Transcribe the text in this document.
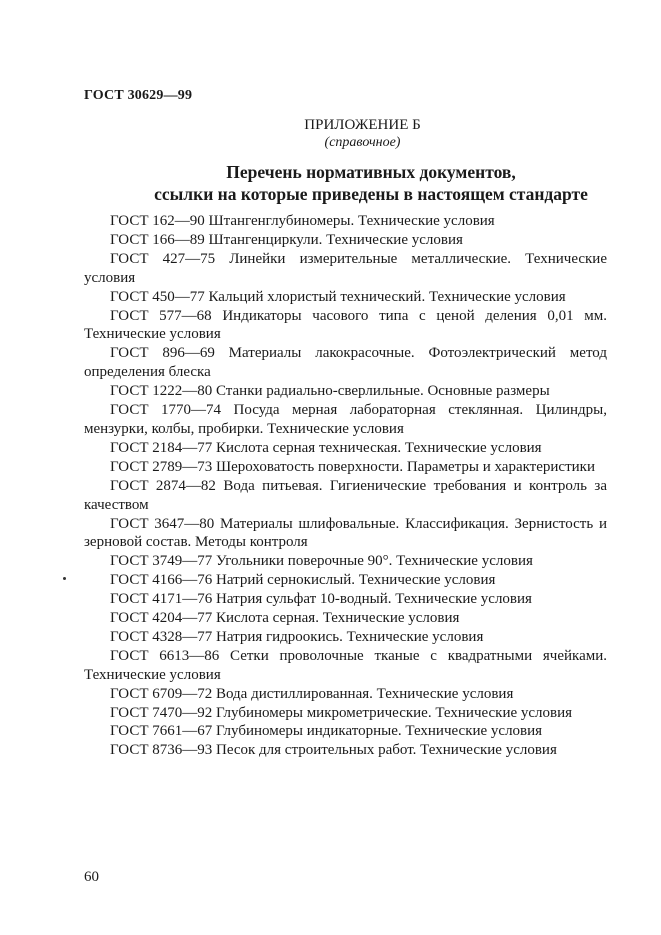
ГОСТ 30629—99
ПРИЛОЖЕНИЕ Б
(справочное)
Перечень нормативных документов,
ссылки на которые приведены в настоящем стандарте
ГОСТ 162—90 Штангенглубиномеры. Технические условия
ГОСТ 166—89 Штангенциркули. Технические условия
ГОСТ 427—75 Линейки измерительные металлические. Технические условия
ГОСТ 450—77 Кальций хлористый технический. Технические условия
ГОСТ 577—68 Индикаторы часового типа с ценой деления 0,01 мм. Технические условия
ГОСТ 896—69 Материалы лакокрасочные. Фотоэлектрический метод определения блеска
ГОСТ 1222—80 Станки радиально-сверлильные. Основные размеры
ГОСТ 1770—74 Посуда мерная лабораторная стеклянная. Цилиндры, мензурки, колбы, пробирки. Технические условия
ГОСТ 2184—77 Кислота серная техническая. Технические условия
ГОСТ 2789—73 Шероховатость поверхности. Параметры и характеристики
ГОСТ 2874—82 Вода питьевая. Гигиенические требования и контроль за качеством
ГОСТ 3647—80 Материалы шлифовальные. Классификация. Зернистость и зерновой состав. Методы контроля
ГОСТ 3749—77 Угольники поверочные 90°. Технические условия
ГОСТ 4166—76 Натрий сернокислый. Технические условия
ГОСТ 4171—76 Натрия сульфат 10-водный. Технические условия
ГОСТ 4204—77 Кислота серная. Технические условия
ГОСТ 4328—77 Натрия гидроокись. Технические условия
ГОСТ 6613—86 Сетки проволочные тканые с квадратными ячейками. Технические условия
ГОСТ 6709—72 Вода дистиллированная. Технические условия
ГОСТ 7470—92 Глубиномеры микрометрические. Технические условия
ГОСТ 7661—67 Глубиномеры индикаторные. Технические условия
ГОСТ 8736—93 Песок для строительных работ. Технические условия
60
